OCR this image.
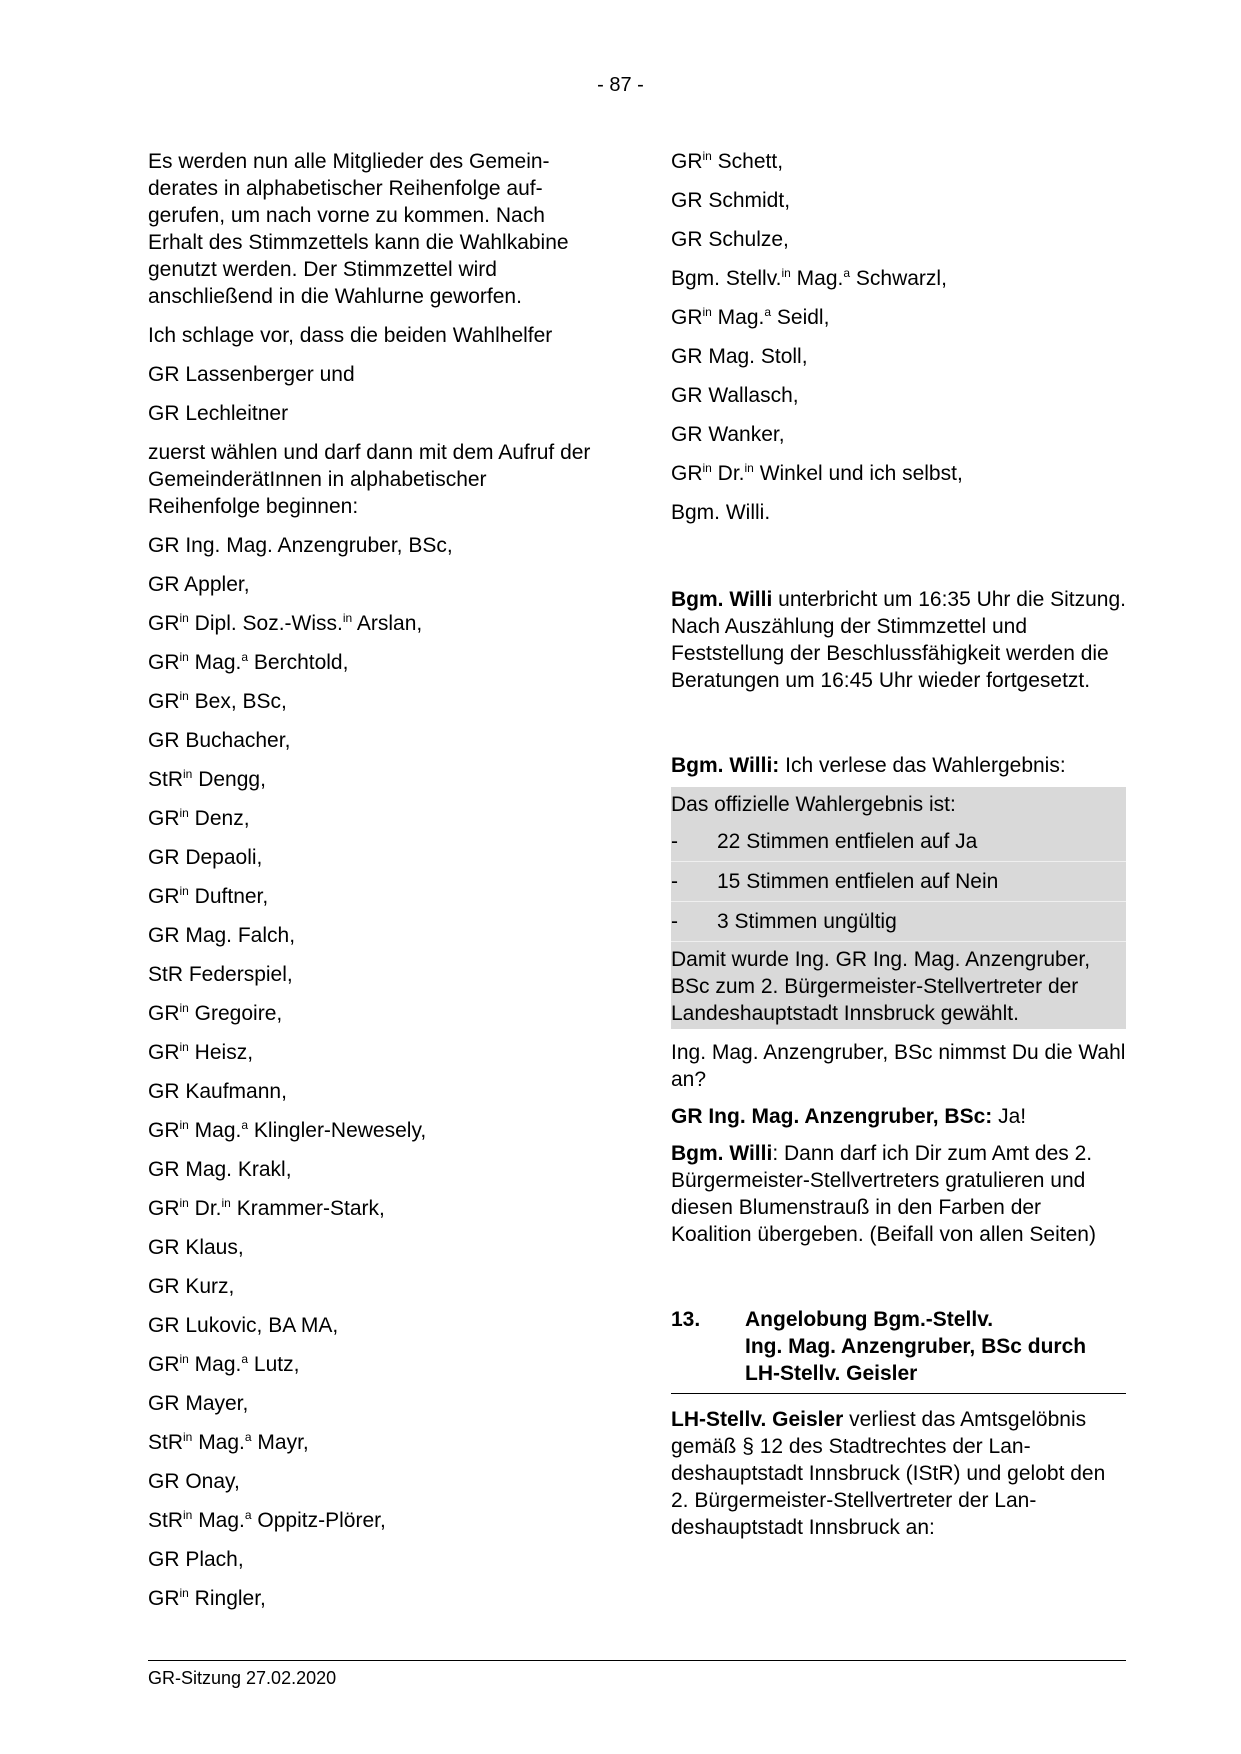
- 87 -

Es werden nun alle Mitglieder des Gemeinderates in alphabetischer Reihenfolge aufgerufen, um nach vorne zu kommen. Nach Erhalt des Stimmzettels kann die Wahlkabine genutzt werden. Der Stimmzettel wird anschließend in die Wahlurne geworfen.

Ich schlage vor, dass die beiden Wahlhelfer
GR Lassenberger und
GR Lechleitner

zuerst wählen und darf dann mit dem Aufruf der GemeinderätInnen in alphabetischer Reihenfolge beginnen:

GR Ing. Mag. Anzengruber, BSc,
GR Appler,
$GR^{in}$ Dipl. Soz.-Wiss.$^{in}$ Arslan,
$GR^{in}$ Mag.$^a$ Berchtold,
$GR^{in}$ Bex, BSc,
GR Buchacher,
StR$^{in}$ Dengg,
$GR^{in}$ Denz,
GR Depaoli,
$GR^{in}$ Duftner,
GR Mag. Falch,
StR Federspiel,
$GR^{in}$ Gregoire,
$GR^{in}$ Heisz,
GR Kaufmann,
$GR^{in}$ Mag.$^a$ Klingler-Newesely,
GR Mag. Krakl,
$GR^{in}$ Dr.$^{in}$ Krammer-Stark,
GR Klaus,
GR Kurz,
GR Lukovic, BA MA,
$GR^{in}$ Mag.$^a$ Lutz,
GR Mayer,
StR$^{in}$ Mag.$^a$ Mayr,
GR Onay,
StR$^{in}$ Mag.$^a$ Oppitz-Plörer,
GR Plach,
$GR^{in}$ Ringler,
$GR^{in}$ Schett,
GR Schmidt,
GR Schulze,
Bgm. Stellv.$^{in}$ Mag.$^a$ Schwarzl,
$GR^{in}$ Mag.$^a$ Seidl,
GR Mag. Stoll,
GR Wallasch,
GR Wanker,
$GR^{in}$ Dr.$^{in}$ Winkel und ich selbst,
Bgm. Willi.

Bgm. Willi unterbricht um 16:35 Uhr die Sitzung. Nach Auszählung der Stimmzettel und Feststellung der Beschlussfähigkeit werden die Beratungen um 16:45 Uhr wieder fortgesetzt.

Bgm. Willi: Ich verlese das Wahlergebnis:

Das offizielle Wahlergebnis ist:
-	22 Stimmen entfielen auf Ja
-	15 Stimmen entfielen auf Nein
-	3 Stimmen ungültig
Damit wurde Ing. GR Ing. Mag. Anzengruber, BSc zum 2. Bürgermeister-Stellvertreter der Landeshauptstadt Innsbruck gewählt.

Ing. Mag. Anzengruber, BSc nimmst Du die Wahl an?

GR Ing. Mag. Anzengruber, BSc: Ja!

Bgm. Willi: Dann darf ich Dir zum Amt des 2. Bürgermeister-Stellvertreters gratulieren und diesen Blumenstrauß in den Farben der Koalition übergeben. (Beifall von allen Seiten)

13.	Angelobung Bgm.-Stellv.
Ing. Mag. Anzengruber, BSc durch
LH-Stellv. Geisler

LH-Stellv. Geisler verliest das Amtsgelöbnis gemäß § 12 des Stadtrechtes der Landeshauptstadt Innsbruck (IStR) und gelobt den 2. Bürgermeister-Stellvertreter der Landeshauptstadt Innsbruck an:

GR-Sitzung 27.02.2020
